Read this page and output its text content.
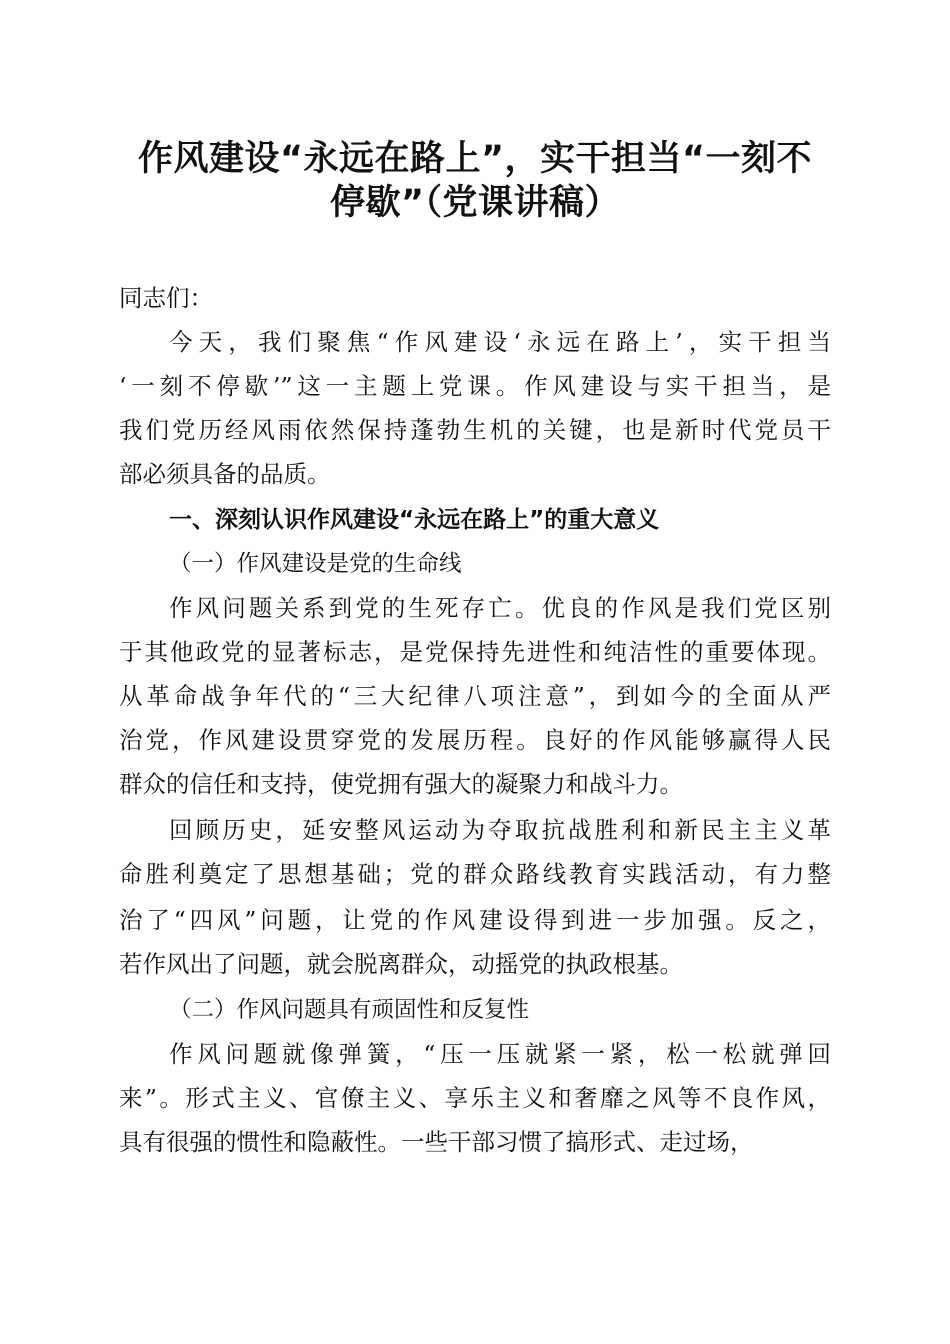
作风建设“永远在路上”，实干担当“一刻不
停歇”（党课讲稿）
同志们：
今天，我们聚焦“作风建设‘永远在路上’，实干担当
‘一刻不停歇’”这一主题上党课。作风建设与实干担当，是
我们党历经风雨依然保持蓬勃生机的关键，也是新时代党员干
部必须具备的品质。
一、深刻认识作风建设“永远在路上”的重大意义
（一）作风建设是党的生命线
作风问题关系到党的生死存亡。优良的作风是我们党区别
于其他政党的显著标志，是党保持先进性和纯洁性的重要体现。
从革命战争年代的“三大纪律八项注意”，到如今的全面从严
治党，作风建设贯穿党的发展历程。良好的作风能够赢得人民
群众的信任和支持，使党拥有强大的凝聚力和战斗力。
回顾历史，延安整风运动为夺取抗战胜利和新民主主义革
命胜利奠定了思想基础；党的群众路线教育实践活动，有力整
治了“四风”问题，让党的作风建设得到进一步加强。反之，
若作风出了问题，就会脱离群众，动摇党的执政根基。
（二）作风问题具有顽固性和反复性
作风问题就像弹簧，“压一压就紧一紧，松一松就弹回
来”。形式主义、官僚主义、享乐主义和奢靡之风等不良作风，
具有很强的惯性和隐蔽性。一些干部习惯了搞形式、走过场，
